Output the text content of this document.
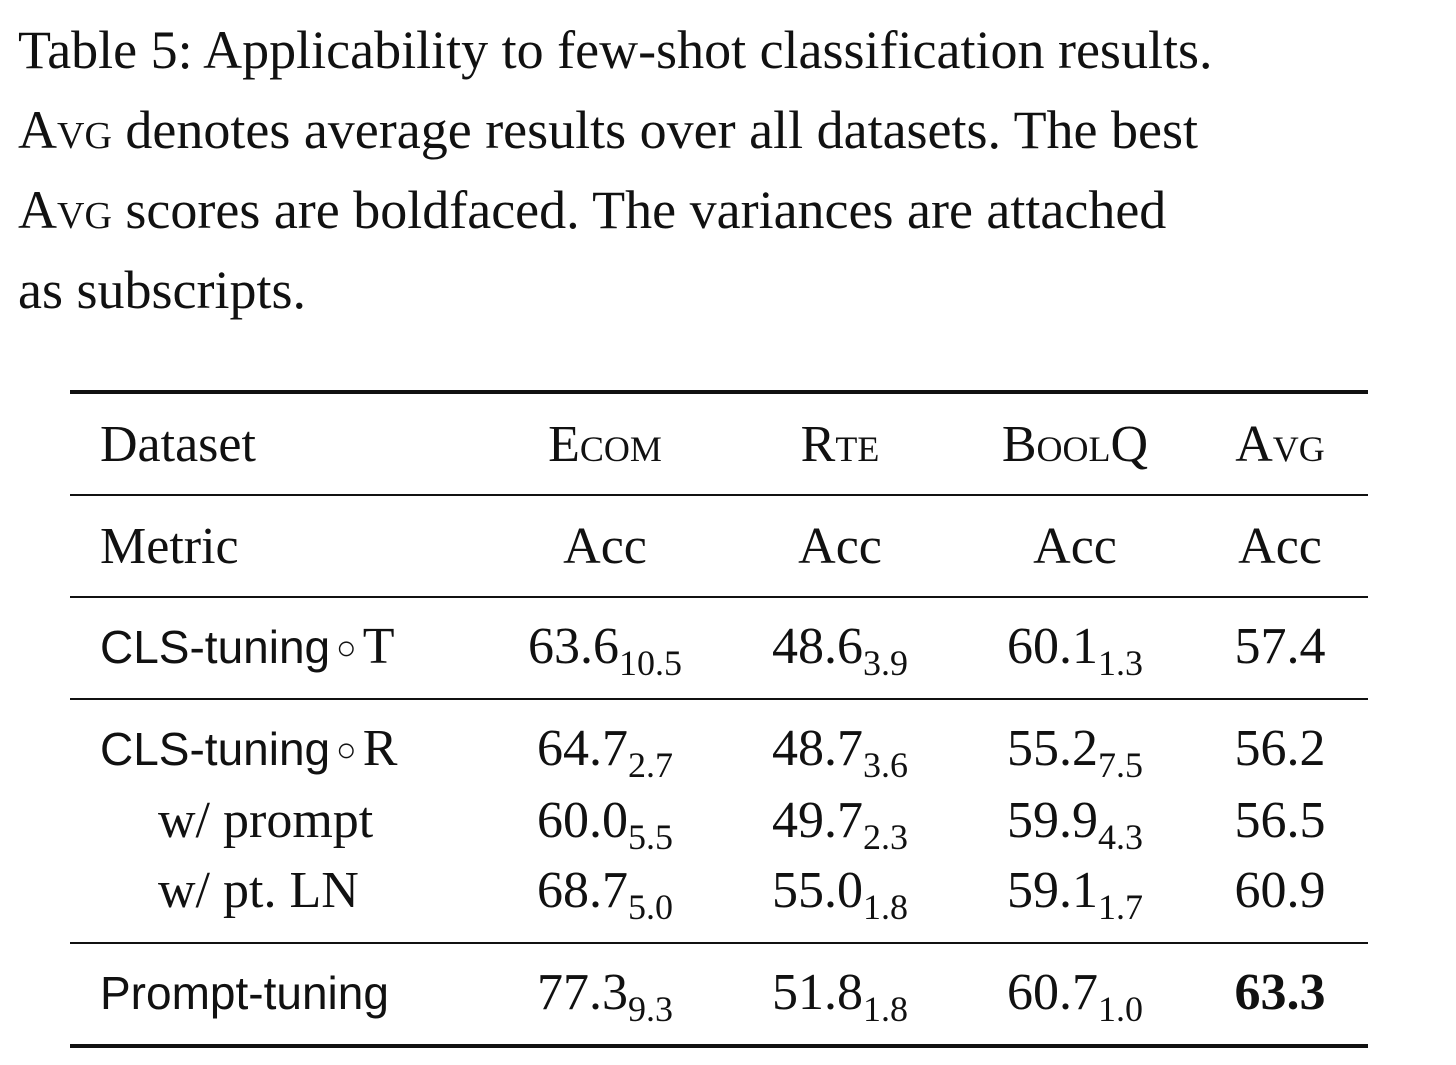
Table 5: Applicability to few-shot classification results.
Avg denotes average results over all datasets. The best
Avg scores are boldfaced. The variances are attached
as subscripts.
Dataset	Ecom	Rte	BoolQ	Avg
Metric	Acc	Acc	Acc	Acc
CLS-tuning ○ T	$63.6_{10.5}$	$48.6_{3.9}$	$60.1_{1.3}$	57.4
CLS-tuning ○ R	$64.7_{2.7}$	$48.7_{3.6}$	$55.2_{7.5}$	56.2
w/ prompt	$60.0_{5.5}$	$49.7_{2.3}$	$59.9_{4.3}$	56.5
w/ pt. LN	$68.7_{5.0}$	$55.0_{1.8}$	$59.1_{1.7}$	60.9
Prompt-tuning	$77.3_{9.3}$	$51.8_{1.8}$	$60.7_{1.0}$	63.3
